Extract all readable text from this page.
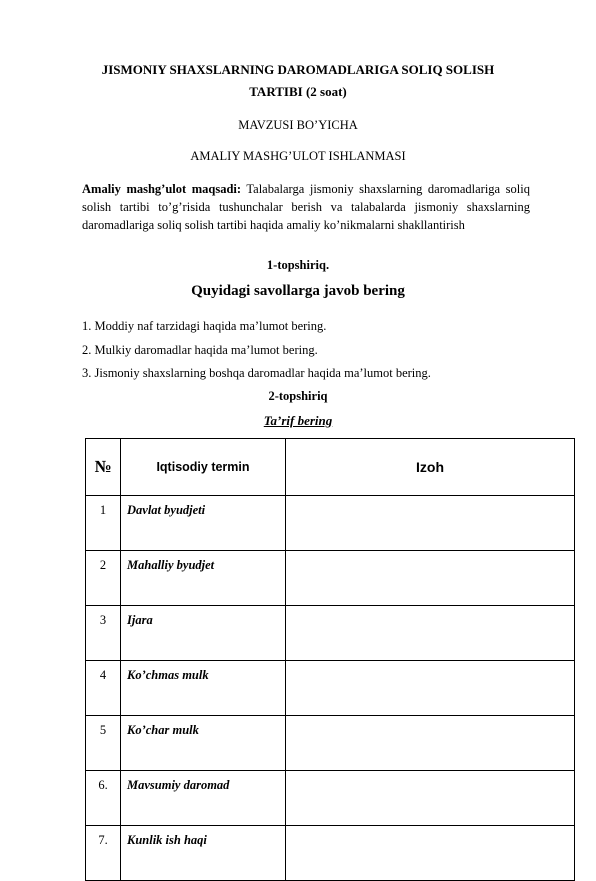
JISMONIY SHAXSLARNING DAROMADLARIGA SOLIQ SOLISH
TARTIBI (2 soat)
MAVZUSI BO’YICHA
AMALIY MASHG’ULOT ISHLANMASI
Amaliy mashg’ulot maqsadi: Talabalarga jismoniy shaxslarning daromadlariga soliq solish tartibi to’g’risida tushunchalar berish va talabalarda jismoniy shaxslarning daromadlariga soliq solish tartibi haqida amaliy ko’nikmalarni shakllantirish
1-topshiriq.
Quyidagi savollarga javob bering
1. Moddiy naf tarzidagi haqida ma’lumot bering.
2. Mulkiy daromadlar haqida ma’lumot bering.
3. Jismoniy shaxslarning boshqa daromadlar haqida ma’lumot bering.
2-topshiriq
Ta’rif bering
№	Iqtisodiy termin	Izoh
1	Davlat byudjeti	
2	Mahalliy byudjet	
3	Ijara	
4	Ko’chmas mulk	
5	Ko’char mulk	
6.	Mavsumiy daromad	
7.	Kunlik ish haqi	
